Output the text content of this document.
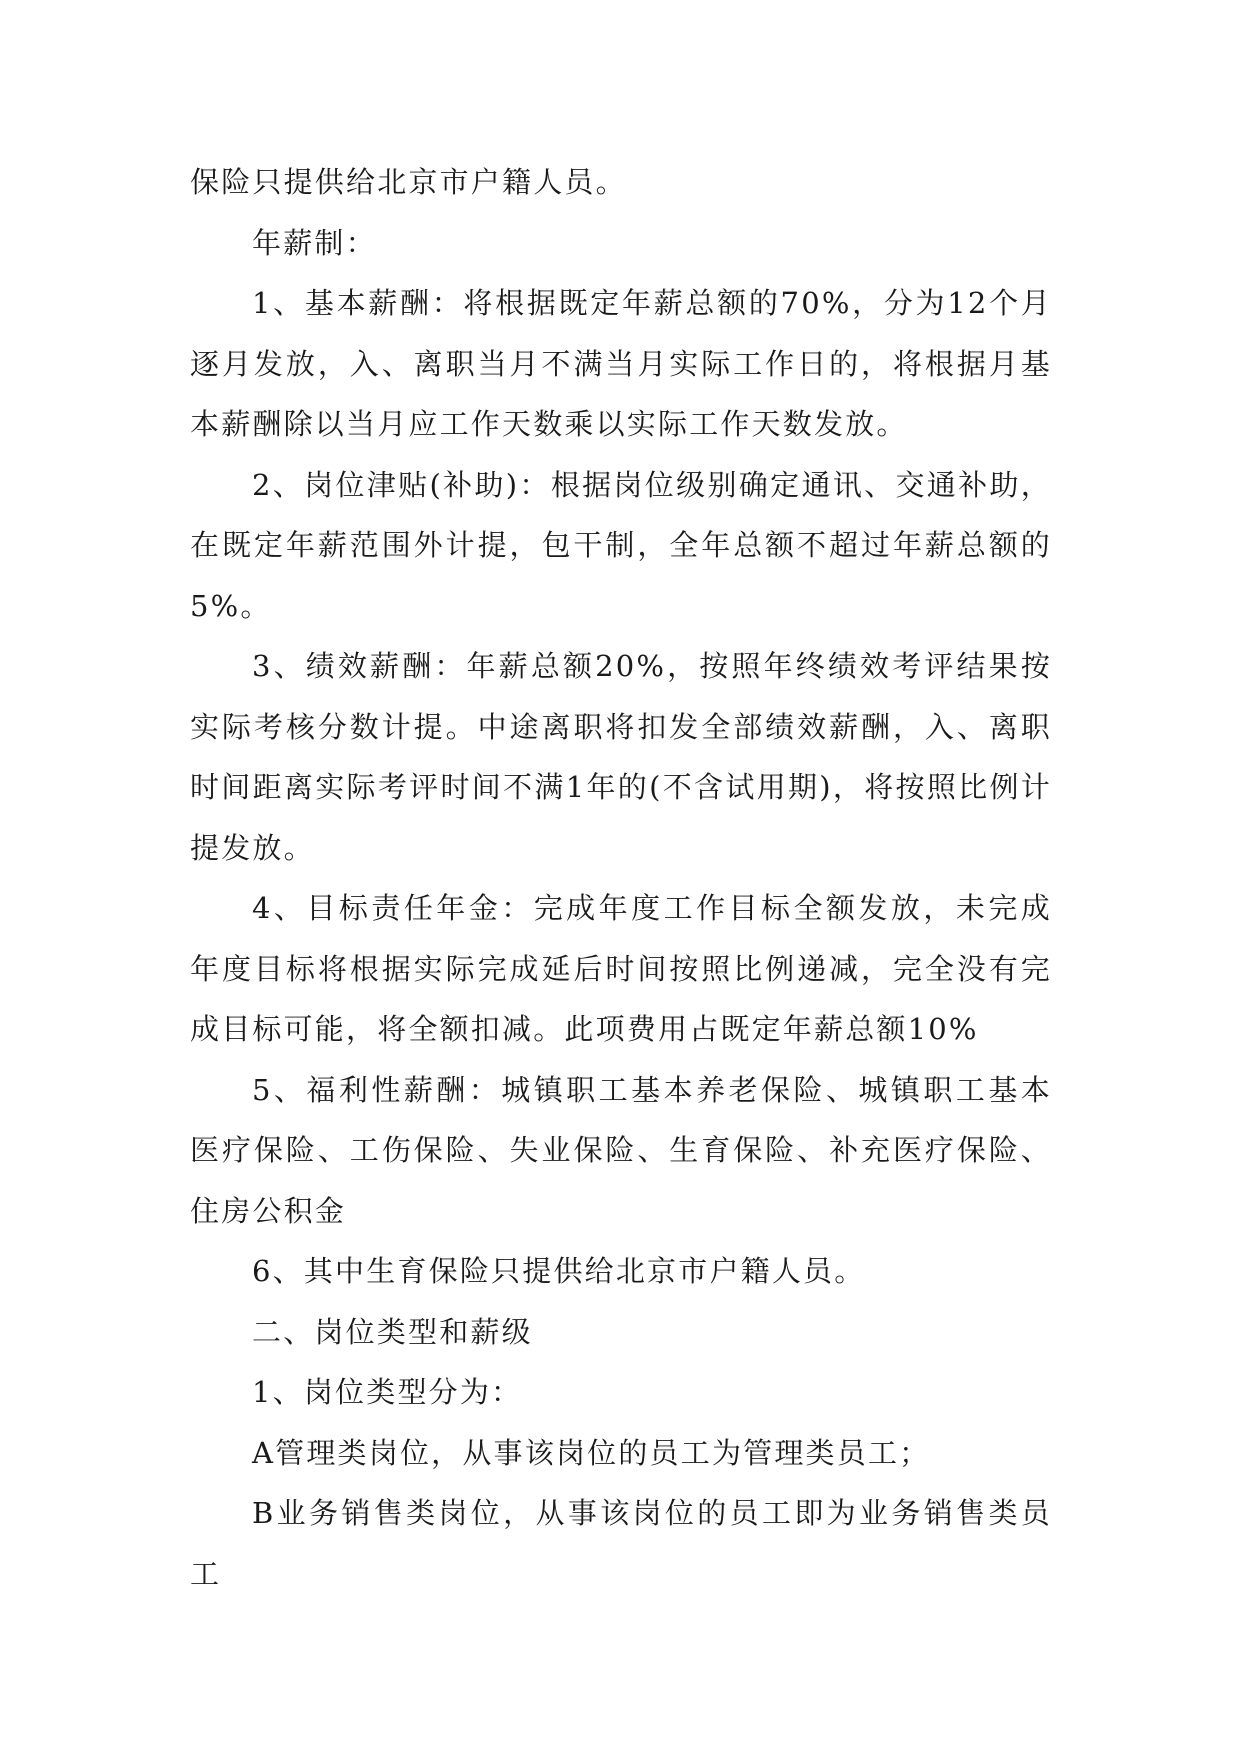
保险只提供给北京市户籍人员。

年薪制：

1、基本薪酬：将根据既定年薪总额的70%，分为12个月逐月发放，入、离职当月不满当月实际工作日的，将根据月基本薪酬除以当月应工作天数乘以实际工作天数发放。

2、岗位津贴(补助)：根据岗位级别确定通讯、交通补助，在既定年薪范围外计提，包干制，全年总额不超过年薪总额的5%。

3、绩效薪酬：年薪总额20%，按照年终绩效考评结果按实际考核分数计提。中途离职将扣发全部绩效薪酬，入、离职时间距离实际考评时间不满1年的(不含试用期)，将按照比例计提发放。

4、目标责任年金：完成年度工作目标全额发放，未完成年度目标将根据实际完成延后时间按照比例递减，完全没有完成目标可能，将全额扣减。此项费用占既定年薪总额10%

5、福利性薪酬：城镇职工基本养老保险、城镇职工基本医疗保险、工伤保险、失业保险、生育保险、补充医疗保险、住房公积金

6、其中生育保险只提供给北京市户籍人员。

二、岗位类型和薪级

1、岗位类型分为：

A管理类岗位，从事该岗位的员工为管理类员工；

B业务销售类岗位，从事该岗位的员工即为业务销售类员工
